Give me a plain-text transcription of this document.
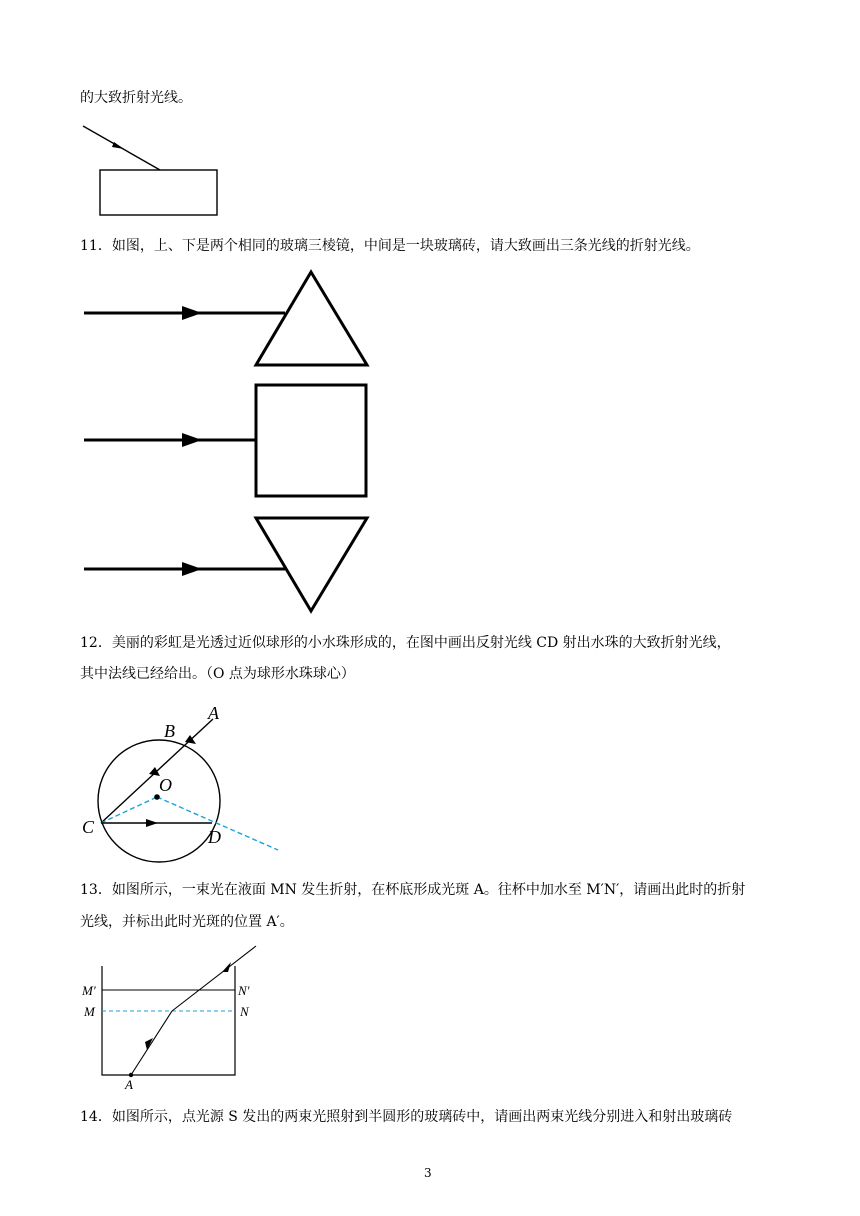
的大致折射光线。
11．如图，上、下是两个相同的玻璃三棱镜，中间是一块玻璃砖，请大致画出三条光线的折射光线。
12．美丽的彩虹是光透过近似球形的小水珠形成的，在图中画出反射光线 CD 射出水珠的大致折射光线，
其中法线已经给出。（O 点为球形水珠球心）
A
B
O
C	D
13．如图所示，一束光在液面 MN 发生折射，在杯底形成光斑 A。往杯中加水至 M′N′，请画出此时的折射
光线，并标出此时光斑的位置 A′。
M′	N′
M	N
A
14．如图所示，点光源 S 发出的两束光照射到半圆形的玻璃砖中，请画出两束光线分别进入和射出玻璃砖
3
